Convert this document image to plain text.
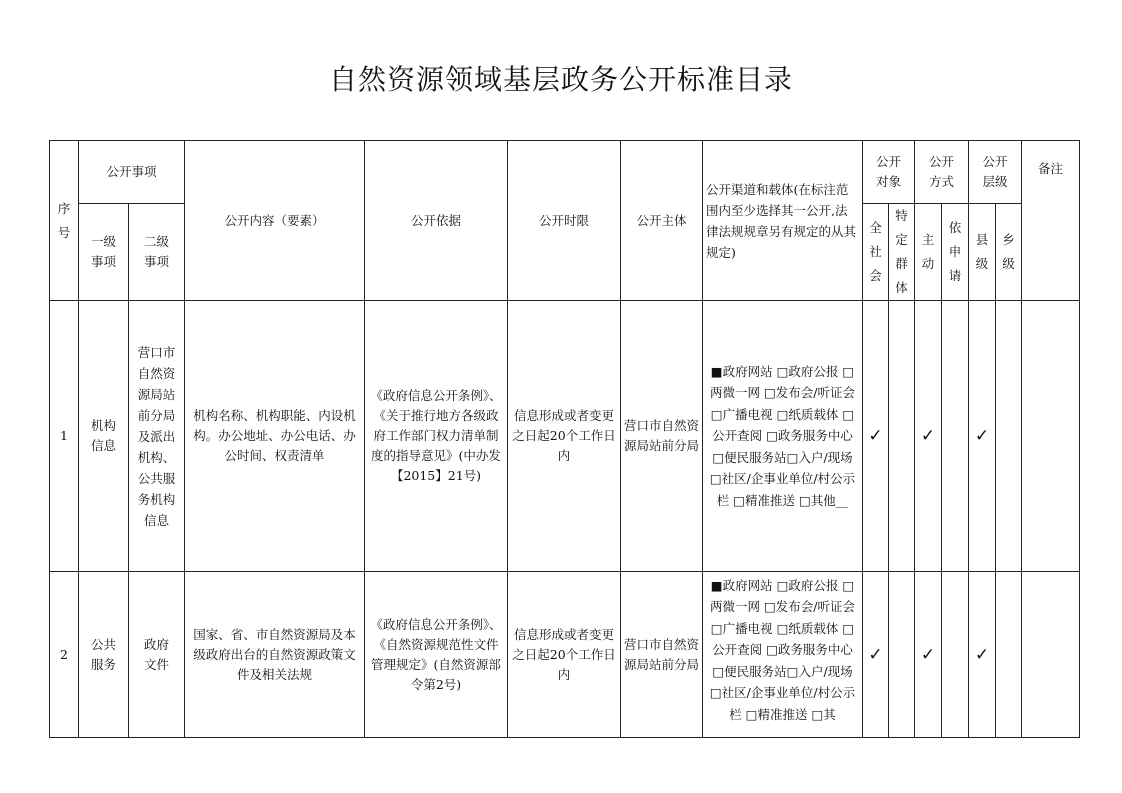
自然资源领域基层政务公开标准目录
序号	公开事项		公开内容（要素）	公开依据	公开时限	公开主体	公开渠道和载体(在标注范围内至少选择其一公开,法律法规规章另有规定的从其规定)	公开对象		公开方式		公开层级		备注
	一级事项	二级事项						全社会	特定群体	主动	依申请	县级	乡级	
1	机构信息	营口市自然资源局站前分局及派出机构、公共服务机构信息	机构名称、机构职能、内设机构。办公地址、办公电话、办公时间、权责清单	《政府信息公开条例》、《关于推行地方各级政府工作部门权力清单制度的指导意见》(中办发【2015】21号)	信息形成或者变更之日起20个工作日内	营口市自然资源局站前分局	■政府网站 □政府公报 □两微一网 □发布会/听证会 □广播电视 □纸质载体 □公开查阅 □政务服务中心 □便民服务站□入户/现场 □社区/企事业单位/村公示栏 □精准推送 □其他__	✓		✓		✓		
2	公共服务	政府文件	国家、省、市自然资源局及本级政府出台的自然资源政策文件及相关法规	《政府信息公开条例》、《自然资源规范性文件管理规定》(自然资源部令第2号)	信息形成或者变更之日起20个工作日内	营口市自然资源局站前分局	■政府网站 □政府公报 □两微一网 □发布会/听证会 □广播电视 □纸质载体 □公开查阅 □政务服务中心 □便民服务站□入户/现场 □社区/企事业单位/村公示栏 □精准推送 □其	✓		✓		✓		
